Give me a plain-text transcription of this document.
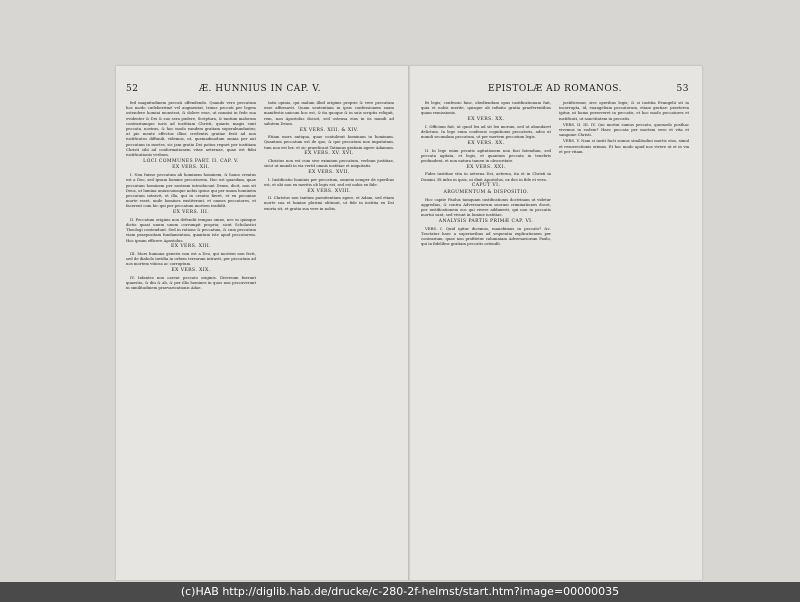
52	Æ. HUNNIUS IN CAP. V.

fed magnitudinem peccati offendendo. Quando vero peccatum hoc modo cœleberrimè vel augmentat, trinus peccati per legem ostendere homini monstrat, & dolere esse, ut nonnisi in fede sua evidenter & Dei & suo sera pudere, Scriptura, & tantum malorum contrariumque iuris ad iustitiam Christi, quanto magis sunt peccata, nostras, & hoc modo eandem gratiam superabundantur, ut pio mente effectus illius credentis gratiae festi ad non iustificatos diffundi, videmus, ut, quemadmodum omnia per aut peccatum in mortes, sic jam gratia Dei potius regnet per iustitiam Christi sibi ad conformationem vitae aeternae, quae est fidei iustificationis verbum.

LOCI COMMUNES PART. II. CAP. V.

EX VERS. XII.

I. Non fuisse peccatum ab hominem hominem, & homo creatus est a Deo, sed ipsum homine peccatorem. Hoc est quaedam, quae peccatum hominem per nostram introducunt Deum, dicit, non sit Deus, ut lumina uniuscuiusque nobis ipsius qui per unum hominem peccatum intravit, et illa, qui in creatio fieret, et ex pecuniae morte esset, unde homines exstiterunt, et omnes peccatores, et facerent cum hic qui per peccatum mortem tradidit.

EX VERS. III.

II. Peccatum originis non defendit tempus omne, nec in quinque dictis quasi unum unum corrumpit propria; sicut Scholastici Theologi contendunt. Sed in ratione & peccatum, & cum peccatum viam praepositam fundamentum, quantum iste apud peccatorem. Hoc ipsum efficere Apostolus.

EX VERS. XIII.

III. Mors humana generis non est a Deo, qui mortem non fecit, sed de diabolo invidia in orbem terrarum intravit, per peccatum ad nos mortem vitiosa ac corruptum.

EX VERS. XIX.

IV. Infantes non carent peccato originis. Diversum fuerunt quaestio, & diu & ab, & per illis homines in quos non peccaverunt in similitudinem praevaricationis Adae.

tatis opinio, qui malum illud originis proprie & vere peccatum esse affirmavit. Quam sententiam in ipsis confessionem suam manifestis unicum hoc est, & ita quoque & in suis scriptis reliquit, rem, non Apostolus docuit, sed ostensa eius in iis mundi ad salutem Deum.

EX VERS. XIII. & XIV.

Etiam mors antiqua, quae contulerat hominum in hominum. Quantum peccatum est de quo, & que peccatum non imputatum, tum non est lex: et sic praedicant Tatianus gratiam agere Adamum.

EX VERS. XV. XVI.

Christus non est cum sive eximium peccatum, verbum justitiae, sicut ut mundi in via vertit omnis iustitiae et iniquitatis.

EX VERS. XVII.

I. Iustificatio hominis per peccatum, omnem semper de operibus est, et ubi non ex meritis ob legis est, sed est nobis ex fide.

EX VERS. XVIII.

II. Christus non tantum paenitentiam agere, et Adam, sed etiam morte sua et lumine plurimi obtinuit, ut fide in iustitia ex Dei exorta sit, et gratia sua vere in nobis.

EPISTOLÆ AD ROMANOS.	53

fit legis; confessio hinc, obediendum opus iustificationum fuit, quia et nobis merite, quisque ab infinito gratia praeferentibus quam remissionis.

EX VERS. XX.

I. Officium fuit, ut quod lex ad sit lex morum, sed ut abundaret delictum. In lege enim confessio cognitionis peccatoris, adeo ut mundi secundum peccatum, ut per mortem peccatum legis.

EX VERS. XX.

II. In lege enim pecatis agitationem non fusi fatendum, sed peccata agitata, et legis, et quantum peccata in tenebris profundent, et non natura tamen in obscuritate.

EX VERS. XXI.

Fides iustitiae vita in aeterna Dei, aeterna, ita et in Christi in Domini. Et infra in ipsis, ut dixit Apostolus, ex deo in fide et vera.

CAPUT VI.

ARGUMENTUM & DISPOSITIO.

Hoc capite Paulus tamquam iustificationis doctrinam ut videtur aggredias, & contra Adversariorum suorum criminationes docet, per iustificationem eos qui vivere adduxerit, qui non in peccatis mortui sunt, sed vivunt in lumine iustitiae.

ANALYSIS PARTIS PRIMÆ CAP. VI.

VERS. I. Quid igitur dicemus, manebimus in peccato? &c. Tractatur haec a superioribus ad sequentia explicationem per contrarium, quae non profitetur calumniam Adversariorum Paulo, qui in fidelibus gratiam peccatis ostendit.

justificemur, sive operibus legis; & si iustitia Evangelii sit in incorrupta, id, euangelium peccatorum, etiam gratiae: praeterea igitur, ut homo perseveret in peccatis, et hoc modo peccatores et iustificati, ut sanctitatem in peccatis.

VERS. II. III. IV. Qui mortui sumus peccato, quomodo posthac vivemus in eodem? Haec peccata per mortem vero et vita et sanguine Christi.

VERS. V. Nam si insiti facti sumus similitudini mortis eius, simul et resurrectionis erimus. Et hoc modo apud nos vivere ut et in via et per vitam.

(c)HAB http://diglib.hab.de/drucke/c-280-2f-helmst/start.htm?image=00000035
